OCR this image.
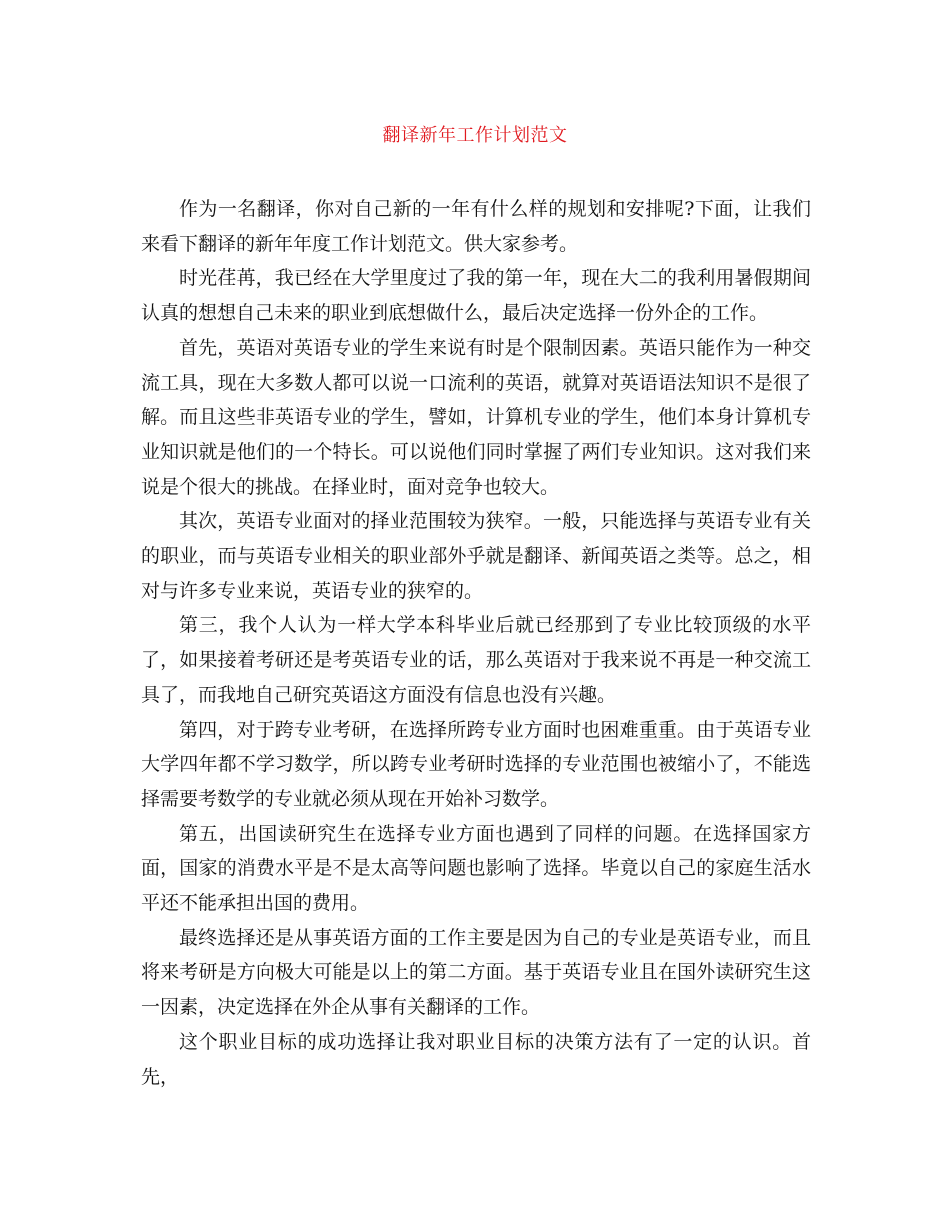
翻译新年工作计划范文

作为一名翻译，你对自己新的一年有什么样的规划和安排呢?下面，让我们来看下翻译的新年年度工作计划范文。供大家参考。

时光荏苒，我已经在大学里度过了我的第一年，现在大二的我利用暑假期间认真的想想自己未来的职业到底想做什么，最后决定选择一份外企的工作。

首先，英语对英语专业的学生来说有时是个限制因素。英语只能作为一种交流工具，现在大多数人都可以说一口流利的英语，就算对英语语法知识不是很了解。而且这些非英语专业的学生，譬如，计算机专业的学生，他们本身计算机专业知识就是他们的一个特长。可以说他们同时掌握了两们专业知识。这对我们来说是个很大的挑战。在择业时，面对竞争也较大。

其次，英语专业面对的择业范围较为狭窄。一般，只能选择与英语专业有关的职业，而与英语专业相关的职业部外乎就是翻译、新闻英语之类等。总之，相对与许多专业来说，英语专业的狭窄的。

第三，我个人认为一样大学本科毕业后就已经那到了专业比较顶级的水平了，如果接着考研还是考英语专业的话，那么英语对于我来说不再是一种交流工具了，而我地自己研究英语这方面没有信息也没有兴趣。

第四，对于跨专业考研，在选择所跨专业方面时也困难重重。由于英语专业大学四年都不学习数学，所以跨专业考研时选择的专业范围也被缩小了，不能选择需要考数学的专业就必须从现在开始补习数学。

第五，出国读研究生在选择专业方面也遇到了同样的问题。在选择国家方面，国家的消费水平是不是太高等问题也影响了选择。毕竟以自己的家庭生活水平还不能承担出国的费用。

最终选择还是从事英语方面的工作主要是因为自己的专业是英语专业，而且将来考研是方向极大可能是以上的第二方面。基于英语专业且在国外读研究生这一因素，决定选择在外企从事有关翻译的工作。

这个职业目标的成功选择让我对职业目标的决策方法有了一定的认识。首先，
